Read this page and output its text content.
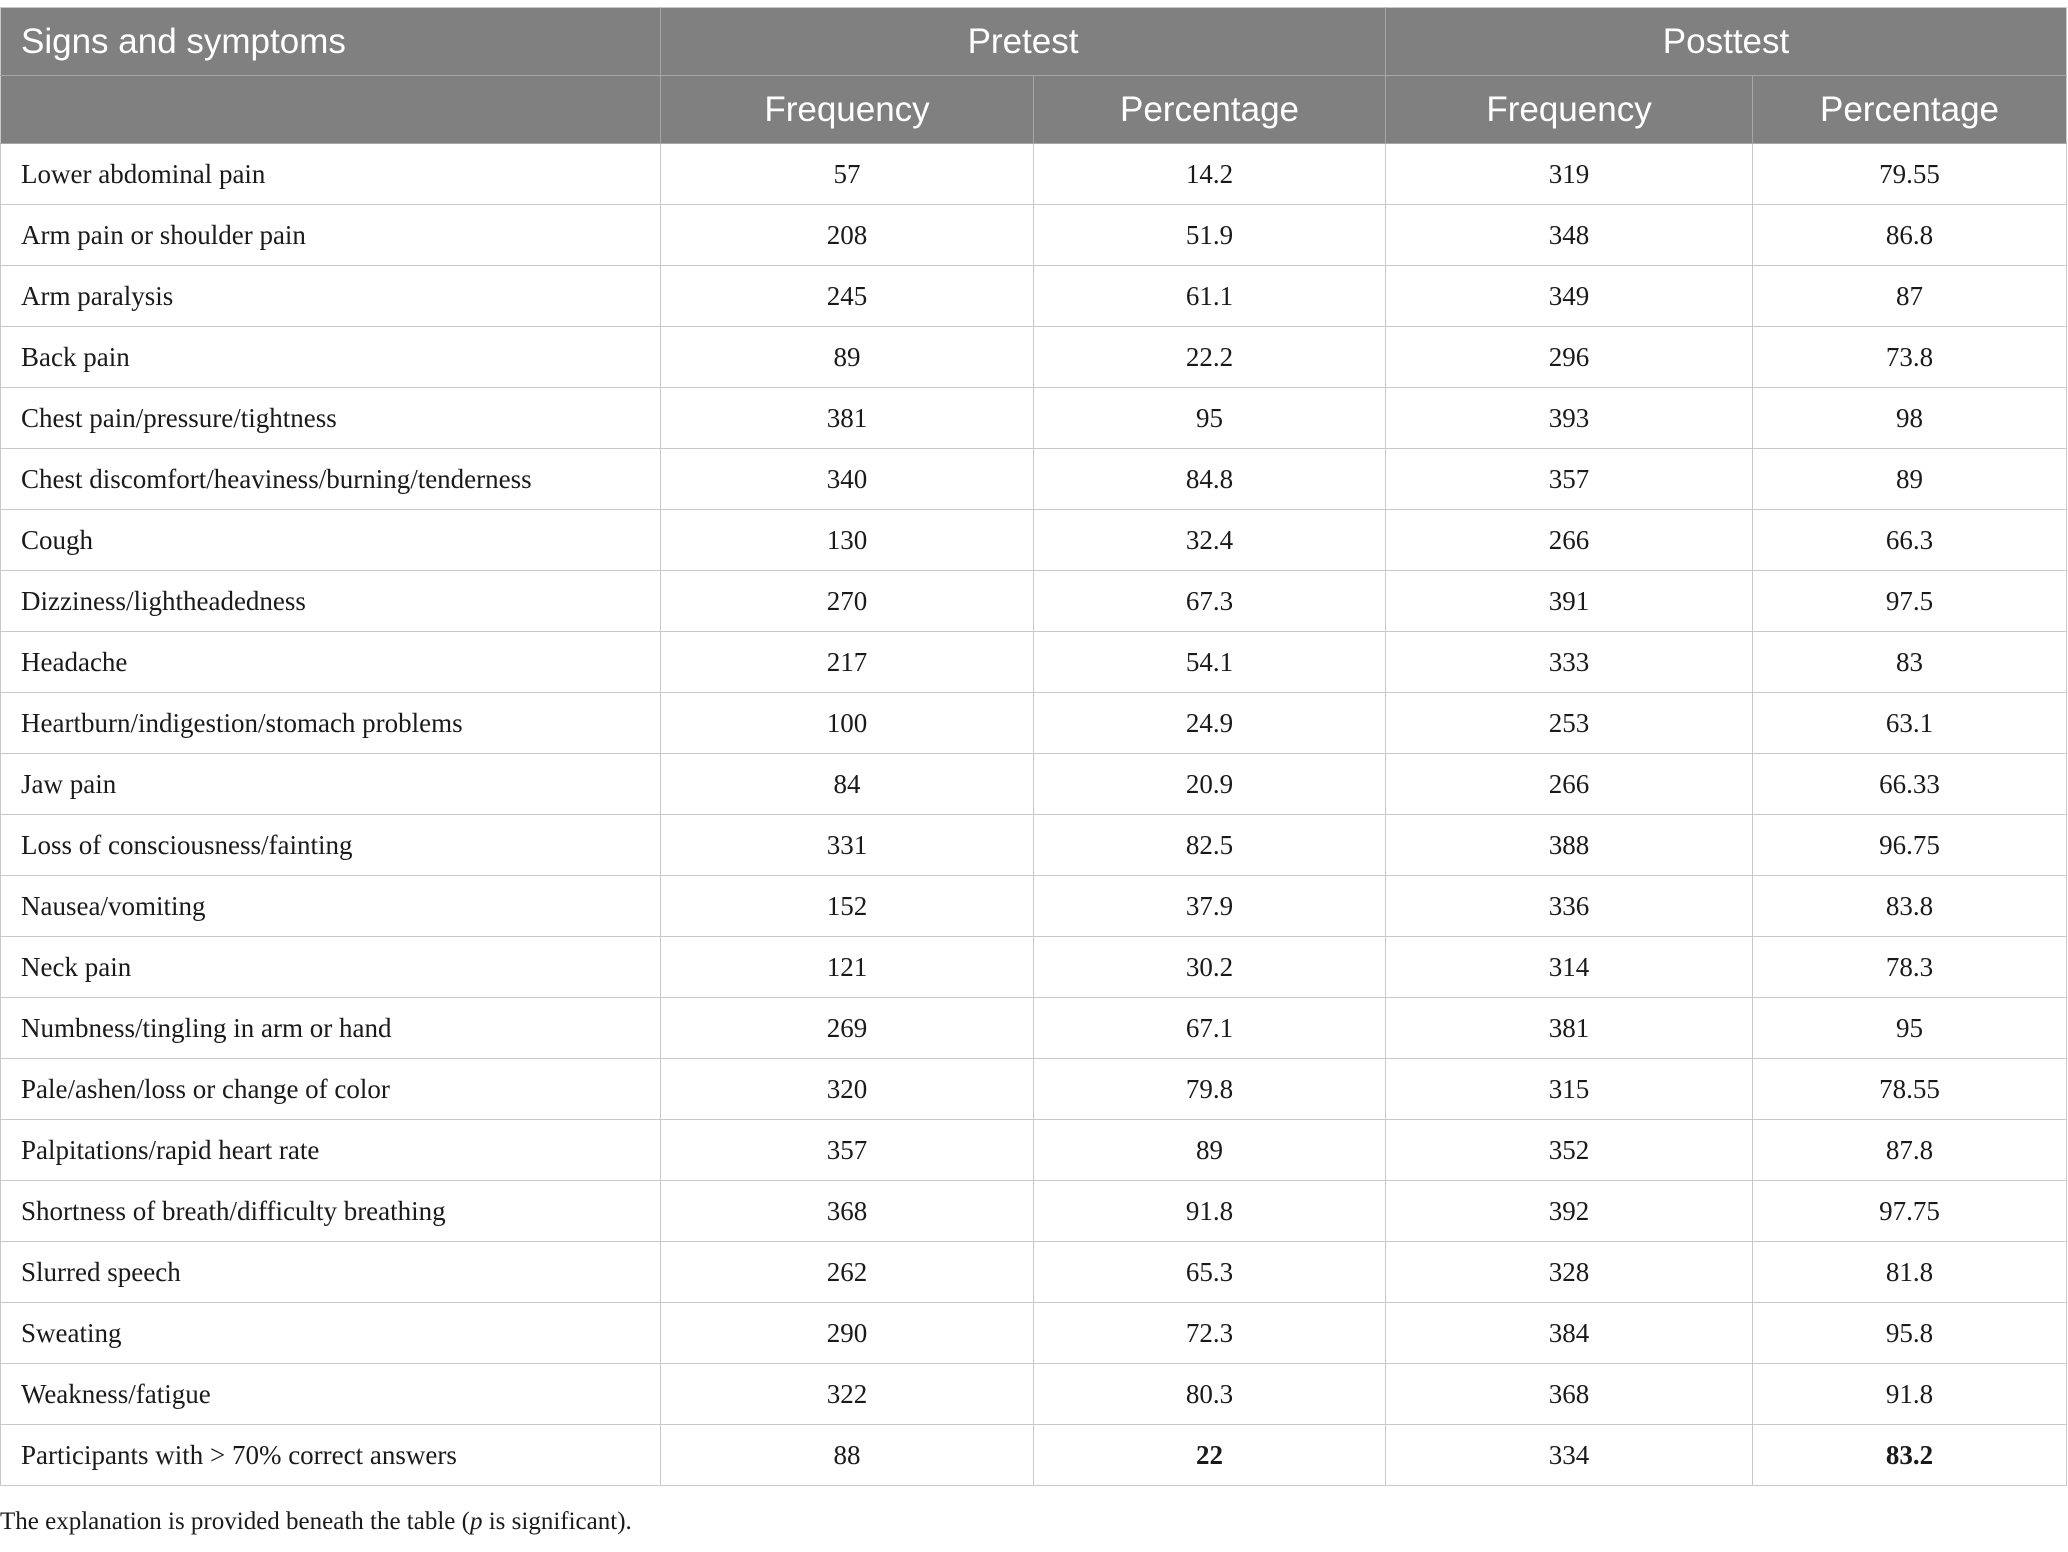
Signs and symptoms	Pretest		Posttest	
	Frequency	Percentage	Frequency	Percentage
Lower abdominal pain	57	14.2	319	79.55
Arm pain or shoulder pain	208	51.9	348	86.8
Arm paralysis	245	61.1	349	87
Back pain	89	22.2	296	73.8
Chest pain/pressure/tightness	381	95	393	98
Chest discomfort/heaviness/burning/tenderness	340	84.8	357	89
Cough	130	32.4	266	66.3
Dizziness/lightheadedness	270	67.3	391	97.5
Headache	217	54.1	333	83
Heartburn/indigestion/stomach problems	100	24.9	253	63.1
Jaw pain	84	20.9	266	66.33
Loss of consciousness/fainting	331	82.5	388	96.75
Nausea/vomiting	152	37.9	336	83.8
Neck pain	121	30.2	314	78.3
Numbness/tingling in arm or hand	269	67.1	381	95
Pale/ashen/loss or change of color	320	79.8	315	78.55
Palpitations/rapid heart rate	357	89	352	87.8
Shortness of breath/difficulty breathing	368	91.8	392	97.75
Slurred speech	262	65.3	328	81.8
Sweating	290	72.3	384	95.8
Weakness/fatigue	322	80.3	368	91.8
Participants with > 70% correct answers	88	22	334	83.2
The explanation is provided beneath the table (p is significant).
